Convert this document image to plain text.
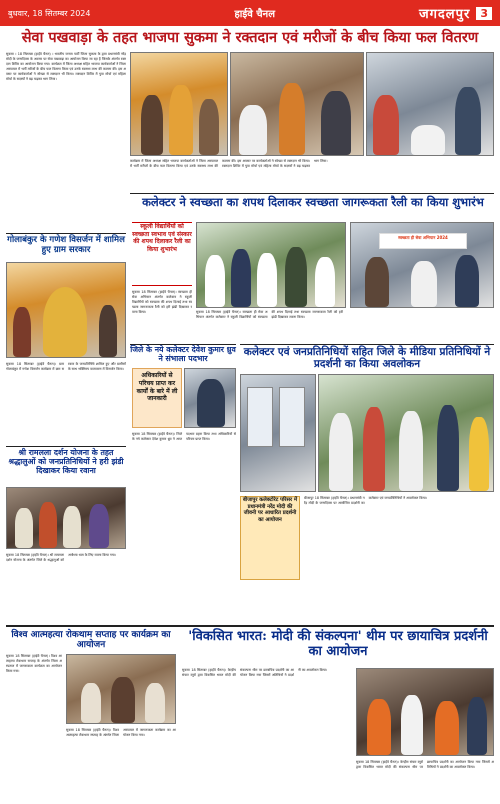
बुधवार, 18 सितम्बर 2024	हाईवे चैनल	जगदलपुर 3
सेवा पखवाड़ा के तहत भाजपा सुकमा ने रक्तदान एवं मरीजों के बीच किया फल वितरण
सुकमा । 18 सितम्बर (हाईवे चैनल) । भारतीय जनता पार्टी जिला सुकमा के द्वारा प्रधानमंत्री नरेंद्र मोदी के जन्मदिवस के अवसर पर सेवा पखवाड़ा का आयोजन किया जा रहा है जिसके अंतर्गत रक्तदान शिविर का आयोजन किया गया। कार्यक्रम में जिला अध्यक्ष सहित भाजपा कार्यकर्ताओं ने जिला अस्पताल में भर्ती मरीजों के बीच फल वितरण किया एवं उनके स्वास्थ्य लाभ की कामना की। इस अवसर पर कार्यकर्ताओं ने स्वेच्छा से रक्तदान भी किया। रक्तदान शिविर में युवा मोर्चा एवं महिला मोर्चा के सदस्यों ने बढ़ चढ़कर भाग लिया।
कार्यक्रम में जिला अध्यक्ष सहित भाजपा कार्यकर्ताओं ने जिला अस्पताल में भर्ती मरीजों के बीच फल वितरण किया एवं उनके स्वास्थ्य लाभ की कामना की। इस अवसर पर कार्यकर्ताओं ने स्वेच्छा से रक्तदान भी किया। रक्तदान शिविर में युवा मोर्चा एवं महिला मोर्चा के सदस्यों ने बढ़ चढ़कर भाग लिया।
गोलाबंकुर के गणेश विसर्जन में शामिल हुए ग्राम सरकार
सुकमा 18 सितम्बर (हाईवे चैनल)। ग्राम गोलाबंकुर में गणेश विसर्जन कार्यक्रम में ग्राम सरकार के जनप्रतिनिधि शामिल हुए और ग्रामीणों के साथ भक्तिमय वातावरण में विसर्जन किया।
कलेक्टर ने स्वच्छता का शपथ दिलाकर स्वच्छता जागरूकता रैली का किया शुभारंभ
स्कूली विद्यार्थियों को स्वच्छता स्वभाव एवं संस्कार की शपथ दिलाकर रैली का किया शुभारंभ
स्वच्छता ही सेवा अभियान 2024
सुकमा 18 सितम्बर (हाईवे चैनल)। स्वच्छता ही सेवा अभियान अंतर्गत कलेक्टर ने स्कूली विद्यार्थियों को स्वच्छता की शपथ दिलाई तथा स्वच्छता जागरूकता रैली को हरी झंडी दिखाकर रवाना किया।	सुकमा 18 सितम्बर (हाईवे चैनल)। स्वच्छता ही सेवा अभियान अंतर्गत कलेक्टर ने स्कूली विद्यार्थियों को स्वच्छता की शपथ दिलाई तथा स्वच्छता जागरूकता रैली को हरी झंडी दिखाकर रवाना किया।
श्री रामलला दर्शन योजना के तहत श्रद्धालुओं को जनप्रतिनिधियों ने हरी झंडी दिखाकर किया रवाना
सुकमा 18 सितम्बर (हाईवे चैनल)। श्री रामलला दर्शन योजना के अंतर्गत जिले के श्रद्धालुओं को अयोध्या धाम के लिए रवाना किया गया।
जिले के नये कलेक्टर देवेश कुमार ध्रुव ने संभाला पदभार
अधिकारियों से परिचय प्राप्त कर कार्यों के बारे में ली जानकारी
सुकमा 18 सितम्बर (हाईवे चैनल)। जिले के नये कलेक्टर देवेश कुमार ध्रुव ने आज पदभार ग्रहण किया तथा अधिकारियों से परिचय प्राप्त किया।
कलेक्टर एवं जनप्रतिनिधियों सहित जिले के मीडिया प्रतिनिधियों ने प्रदर्शनी का किया अवलोकन
बीजापुर कलेक्टोरेट परिसर में प्रधानमंत्री नरेंद्र मोदी की जीवनी पर आधारित प्रदर्शनी का आयोजन
बीजापुर 18 सितम्बर (हाईवे चैनल)। प्रधानमंत्री नरेंद्र मोदी के जन्मदिवस पर आयोजित प्रदर्शनी का कलेक्टर एवं जनप्रतिनिधियों ने अवलोकन किया।
विश्व आत्महत्या रोकथाम सप्ताह पर कार्यक्रम का आयोजन
सुकमा 18 सितम्बर (हाईवे चैनल)। विश्व आत्महत्या रोकथाम सप्ताह के अंतर्गत जिला अस्पताल में जागरूकता कार्यक्रम का आयोजन किया गया।
सुकमा 18 सितम्बर (हाईवे चैनल)। विश्व आत्महत्या रोकथाम सप्ताह के अंतर्गत जिला अस्पताल में जागरूकता कार्यक्रम का आयोजन किया गया।
'विकसित भारत: मोदी की संकल्पना' थीम पर छायाचित्र प्रदर्शनी का आयोजन
सुकमा 18 सितम्बर (हाईवे चैनल)। केन्द्रीय संचार ब्यूरो द्वारा विकसित भारत मोदी की संकल्पना थीम पर छायाचित्र प्रदर्शनी का आयोजन किया गया जिसमें अतिथियों ने प्रदर्शनी का अवलोकन किया।
सुकमा 18 सितम्बर (हाईवे चैनल)। केन्द्रीय संचार ब्यूरो द्वारा विकसित भारत मोदी की संकल्पना थीम पर छायाचित्र प्रदर्शनी का आयोजन किया गया जिसमें अतिथियों ने प्रदर्शनी का अवलोकन किया।
